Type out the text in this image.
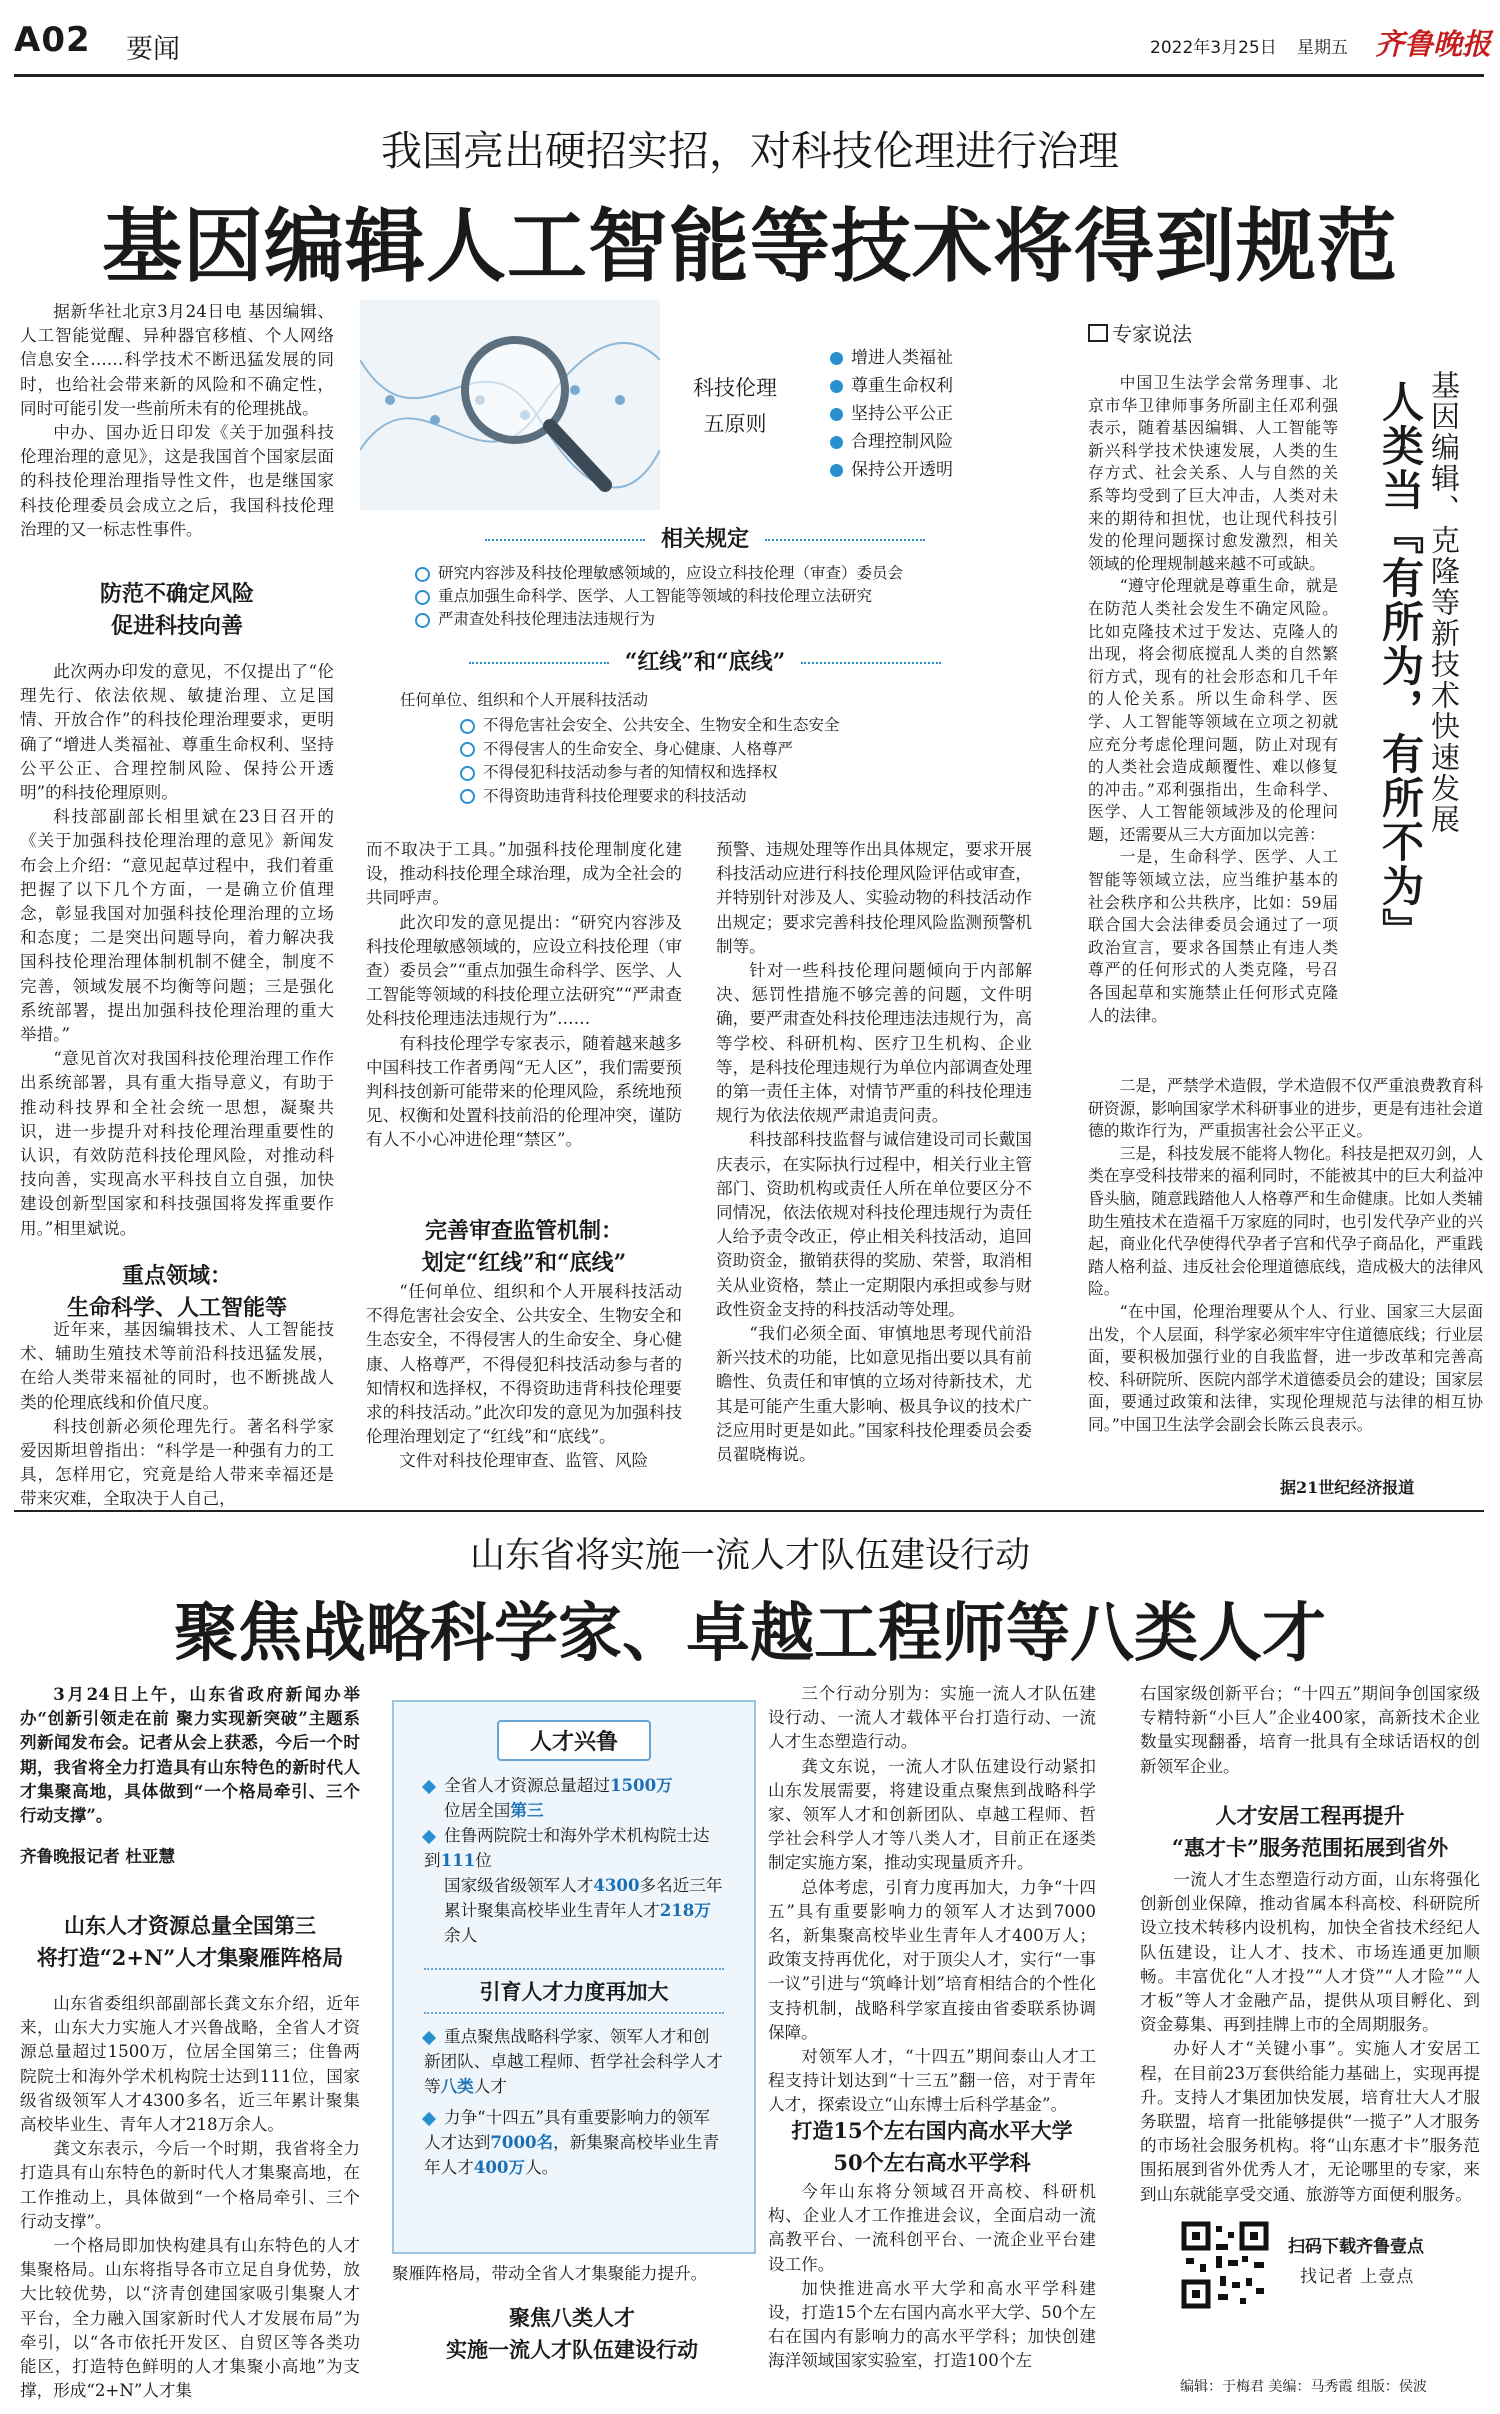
A02 要闻	2022年3月25日 星期五 齐鲁晚报
我国亮出硬招实招，对科技伦理进行治理
基因编辑人工智能等技术将得到规范

据新华社北京3月24日电 基因编辑、人工智能觉醒、异种器官移植、个人网络信息安全……科学技术不断迅猛发展的同时，也给社会带来新的风险和不确定性，同时可能引发一些前所未有的伦理挑战。

中办、国办近日印发《关于加强科技伦理治理的意见》，这是我国首个国家层面的科技伦理治理指导性文件，也是继国家科技伦理委员会成立之后，我国科技伦理治理的又一标志性事件。

防范不确定风险
促进科技向善

此次两办印发的意见，不仅提出了“伦理先行、依法依规、敏捷治理、立足国情、开放合作”的科技伦理治理要求，更明确了“增进人类福祉、尊重生命权利、坚持公平公正、合理控制风险、保持公开透明”的科技伦理原则。

科技部副部长相里斌在23日召开的《关于加强科技伦理治理的意见》新闻发布会上介绍：“意见起草过程中，我们着重把握了以下几个方面，一是确立价值理念，彰显我国对加强科技伦理治理的立场和态度；二是突出问题导向，着力解决我国科技伦理治理体制机制不健全，制度不完善，领域发展不均衡等问题；三是强化系统部署，提出加强科技伦理治理的重大举措。”

“意见首次对我国科技伦理治理工作作出系统部署，具有重大指导意义，有助于推动科技界和全社会统一思想，凝聚共识，进一步提升对科技伦理治理重要性的认识，有效防范科技伦理风险，对推动科技向善，实现高水平科技自立自强，加快建设创新型国家和科技强国将发挥重要作用。”相里斌说。

重点领域：
生命科学、人工智能等

近年来，基因编辑技术、人工智能技术、辅助生殖技术等前沿科技迅猛发展，在给人类带来福祉的同时，也不断挑战人类的伦理底线和价值尺度。

科技创新必须伦理先行。著名科学家爱因斯坦曾指出：“科学是一种强有力的工具，怎样用它，究竟是给人带来幸福还是带来灾难，全取决于人自己，

科技伦理
五原则
增进人类福祉
尊重生命权利
坚持公平公正
合理控制风险
保持公开透明
相关规定
研究内容涉及科技伦理敏感领域的，应设立科技伦理（审查）委员会
重点加强生命科学、医学、人工智能等领域的科技伦理立法研究
严肃查处科技伦理违法违规行为
“红线”和“底线”
任何单位、组织和个人开展科技活动
不得危害社会安全、公共安全、生物安全和生态安全
不得侵害人的生命安全、身心健康、人格尊严
不得侵犯科技活动参与者的知情权和选择权
不得资助违背科技伦理要求的科技活动

而不取决于工具。”加强科技伦理制度化建设，推动科技伦理全球治理，成为全社会的共同呼声。

此次印发的意见提出：“研究内容涉及科技伦理敏感领域的，应设立科技伦理（审查）委员会”“重点加强生命科学、医学、人工智能等领域的科技伦理立法研究”“严肃查处科技伦理违法违规行为”……

有科技伦理学专家表示，随着越来越多中国科技工作者勇闯“无人区”，我们需要预判科技创新可能带来的伦理风险，系统地预见、权衡和处置科技前沿的伦理冲突，谨防有人不小心冲进伦理“禁区”。

完善审查监管机制：
划定“红线”和“底线”

“任何单位、组织和个人开展科技活动不得危害社会安全、公共安全、生物安全和生态安全，不得侵害人的生命安全、身心健康、人格尊严，不得侵犯科技活动参与者的知情权和选择权，不得资助违背科技伦理要求的科技活动。”此次印发的意见为加强科技伦理治理划定了“红线”和“底线”。

文件对科技伦理审查、监管、风险

预警、违规处理等作出具体规定，要求开展科技活动应进行科技伦理风险评估或审查，并特别针对涉及人、实验动物的科技活动作出规定；要求完善科技伦理风险监测预警机制等。

针对一些科技伦理问题倾向于内部解决、惩罚性措施不够完善的问题，文件明确，要严肃查处科技伦理违法违规行为，高等学校、科研机构、医疗卫生机构、企业等，是科技伦理违规行为单位内部调查处理的第一责任主体，对情节严重的科技伦理违规行为依法依规严肃追责问责。

科技部科技监督与诚信建设司司长戴国庆表示，在实际执行过程中，相关行业主管部门、资助机构或责任人所在单位要区分不同情况，依法依规对科技伦理违规行为责任人给予责令改正，停止相关科技活动，追回资助资金，撤销获得的奖励、荣誉，取消相关从业资格，禁止一定期限内承担或参与财政性资金支持的科技活动等处理。

“我们必须全面、审慎地思考现代前沿新兴技术的功能，比如意见指出要以具有前瞻性、负责任和审慎的立场对待新技术，尤其是可能产生重大影响、极具争议的技术广泛应用时更是如此。”国家科技伦理委员会委员翟晓梅说。

专家说法
人类当『有所为，有所不为』 基因编辑、克隆等新技术快速发展

中国卫生法学会常务理事、北京市华卫律师事务所副主任邓利强表示，随着基因编辑、人工智能等新兴科学技术快速发展，人类的生存方式、社会关系、人与自然的关系等均受到了巨大冲击，人类对未来的期待和担忧，也让现代科技引发的伦理问题探讨愈发激烈，相关领域的伦理规制越来越不可或缺。

“遵守伦理就是尊重生命，就是在防范人类社会发生不确定风险。比如克隆技术过于发达、克隆人的出现，将会彻底搅乱人类的自然繁衍方式，现有的社会形态和几千年的人伦关系。所以生命科学、医学、人工智能等领域在立项之初就应充分考虑伦理问题，防止对现有的人类社会造成颠覆性、难以修复的冲击。”邓利强指出，生命科学、医学、人工智能领域涉及的伦理问题，还需要从三大方面加以完善：

一是，生命科学、医学、人工智能等领域立法，应当维护基本的社会秩序和公共秩序，比如：59届联合国大会法律委员会通过了一项政治宣言，要求各国禁止有违人类尊严的任何形式的人类克隆，号召各国起草和实施禁止任何形式克隆人的法律。

二是，严禁学术造假，学术造假不仅严重浪费教育科研资源，影响国家学术科研事业的进步，更是有违社会道德的欺诈行为，严重损害社会公平正义。

三是，科技发展不能将人物化。科技是把双刃剑，人类在享受科技带来的福利同时，不能被其中的巨大利益冲昏头脑，随意践踏他人人格尊严和生命健康。比如人类辅助生殖技术在造福千万家庭的同时，也引发代孕产业的兴起，商业化代孕使得代孕者子宫和代孕子商品化，严重践踏人格利益、违反社会伦理道德底线，造成极大的法律风险。

“在中国，伦理治理要从个人、行业、国家三大层面出发，个人层面，科学家必须牢牢守住道德底线；行业层面，要积极加强行业的自我监督，进一步改革和完善高校、科研院所、医院内部学术道德委员会的建设；国家层面，要通过政策和法律，实现伦理规范与法律的相互协同。”中国卫生法学会副会长陈云良表示。

据21世纪经济报道
山东省将实施一流人才队伍建设行动
聚焦战略科学家、卓越工程师等八类人才
3月24日上午，山东省政府新闻办举办“创新引领走在前 聚力实现新突破”主题系列新闻发布会。记者从会上获悉，今后一个时期，我省将全力打造具有山东特色的新时代人才集聚高地，具体做到“一个格局牵引、三个行动支撑”。
齐鲁晚报记者 杜亚慧
山东人才资源总量全国第三
将打造“2+N”人才集聚雁阵格局

山东省委组织部副部长龚文东介绍，近年来，山东大力实施人才兴鲁战略，全省人才资源总量超过1500万，位居全国第三；住鲁两院院士和海外学术机构院士达到111位，国家级省级领军人才4300多名，近三年累计聚集高校毕业生、青年人才218万余人。

龚文东表示，今后一个时期，我省将全力打造具有山东特色的新时代人才集聚高地，在工作推动上，具体做到“一个格局牵引、三个行动支撑”。

一个格局即加快构建具有山东特色的人才集聚格局。山东将指导各市立足自身优势，放大比较优势，以“济青创建国家吸引集聚人才平台，全力融入国家新时代人才发展布局”为牵引，以“各市依托开发区、自贸区等各类功能区，打造特色鲜明的人才集聚小高地”为支撑，形成“2+N”人才集

人才兴鲁
全省人才资源总量超过1500万
位居全国第三
住鲁两院院士和海外学术机构院士达到111位
国家级省级领军人才4300多名近三年累计聚集高校毕业生青年人才218万余人
引育人才力度再加大
重点聚焦战略科学家、领军人才和创新团队、卓越工程师、哲学社会科学人才等八类人才
力争“十四五”具有重要影响力的领军人才达到7000名，新集聚高校毕业生青年人才400万人。
聚雁阵格局，带动全省人才集聚能力提升。
聚焦八类人才
实施一流人才队伍建设行动

三个行动分别为：实施一流人才队伍建设行动、一流人才载体平台打造行动、一流人才生态塑造行动。

龚文东说，一流人才队伍建设行动紧扣山东发展需要，将建设重点聚焦到战略科学家、领军人才和创新团队、卓越工程师、哲学社会科学人才等八类人才，目前正在逐类制定实施方案，推动实现量质齐升。

总体考虑，引育力度再加大，力争“十四五”具有重要影响力的领军人才达到7000名，新集聚高校毕业生青年人才400万人；政策支持再优化，对于顶尖人才，实行“一事一议”引进与“筑峰计划”培育相结合的个性化支持机制，战略科学家直接由省委联系协调保障。

对领军人才，“十四五”期间泰山人才工程支持计划达到“十三五”翻一倍，对于青年人才，探索设立“山东博士后科学基金”。

打造15个左右国内高水平大学
50个左右高水平学科

今年山东将分领域召开高校、科研机构、企业人才工作推进会议，全面启动一流高教平台、一流科创平台、一流企业平台建设工作。

加快推进高水平大学和高水平学科建设，打造15个左右国内高水平大学、50个左右在国内有影响力的高水平学科；加快创建海洋领域国家实验室，打造100个左

右国家级创新平台；“十四五”期间争创国家级专精特新“小巨人”企业400家，高新技术企业数量实现翻番，培育一批具有全球话语权的创新领军企业。

人才安居工程再提升
“惠才卡”服务范围拓展到省外

一流人才生态塑造行动方面，山东将强化创新创业保障，推动省属本科高校、科研院所设立技术转移内设机构，加快全省技术经纪人队伍建设，让人才、技术、市场连通更加顺畅。丰富优化“人才投”“人才贷”“人才险”“人才板”等人才金融产品，提供从项目孵化、到资金募集、再到挂牌上市的全周期服务。

办好人才“关键小事”。实施人才安居工程，在目前23万套供给能力基础上，实现再提升。支持人才集团加快发展，培育壮大人才服务联盟，培育一批能够提供“一揽子”人才服务的市场社会服务机构。将“山东惠才卡”服务范围拓展到省外优秀人才，无论哪里的专家，来到山东就能享受交通、旅游等方面便利服务。

扫码下载齐鲁壹点
找记者 上壹点
编辑：于梅君 美编：马秀霞 组版：侯波
